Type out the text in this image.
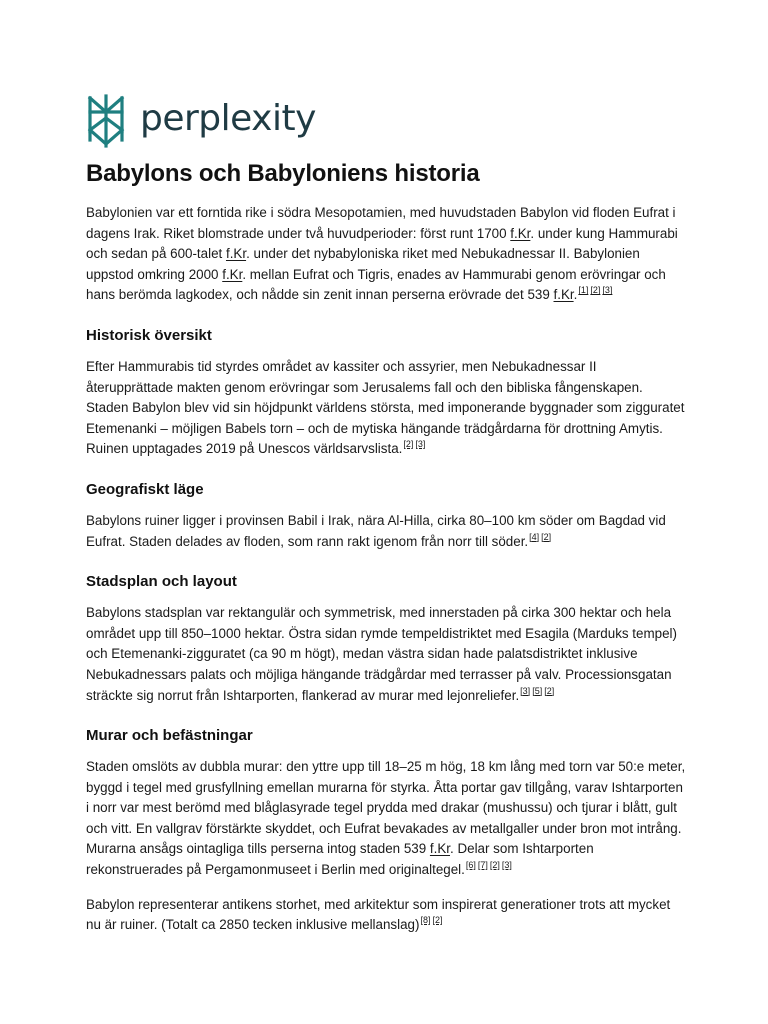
perplexity
Babylons och Babyloniens historia

Babylonien var ett forntida rike i södra Mesopotamien, med huvudstaden Babylon vid floden Eufrat i dagens Irak. Riket blomstrade under två huvudperioder: först runt 1700 f.Kr. under kung Hammurabi och sedan på 600-talet f.Kr. under det nybabyloniska riket med Nebukadnessar II. Babylonien uppstod omkring 2000 f.Kr. mellan Eufrat och Tigris, enades av Hammurabi genom erövringar och hans berömda lagkodex, och nådde sin zenit innan perserna erövrade det 539 f.Kr.[1] [2] [3]

Historisk översikt

Efter Hammurabis tid styrdes området av kassiter och assyrier, men Nebukadnessar II återupprättade makten genom erövringar som Jerusalems fall och den bibliska fångenskapen. Staden Babylon blev vid sin höjdpunkt världens största, med imponerande byggnader som zigguratet Etemenanki – möjligen Babels torn – och de mytiska hängande trädgårdarna för drottning Amytis. Ruinen upptagades 2019 på Unescos världsarvslista.[2] [3]

Geografiskt läge

Babylons ruiner ligger i provinsen Babil i Irak, nära Al-Hilla, cirka 80–100 km söder om Bagdad vid Eufrat. Staden delades av floden, som rann rakt igenom från norr till söder.[4] [2]

Stadsplan och layout

Babylons stadsplan var rektangulär och symmetrisk, med innerstaden på cirka 300 hektar och hela området upp till 850–1000 hektar. Östra sidan rymde tempeldistriktet med Esagila (Marduks tempel) och Etemenanki-zigguratet (ca 90 m högt), medan västra sidan hade palatsdistriktet inklusive Nebukadnessars palats och möjliga hängande trädgårdar med terrasser på valv. Processionsgatan sträckte sig norrut från Ishtarporten, flankerad av murar med lejonreliefer.[3] [5] [2]

Murar och befästningar

Staden omslöts av dubbla murar: den yttre upp till 18–25 m hög, 18 km lång med torn var 50:e meter, byggd i tegel med grusfyllning emellan murarna för styrka. Åtta portar gav tillgång, varav Ishtarporten i norr var mest berömd med blåglasyrade tegel prydda med drakar (mushussu) och tjurar i blått, gult och vitt. En vallgrav förstärkte skyddet, och Eufrat bevakades av metallgaller under bron mot intrång. Murarna ansågs ointagliga tills perserna intog staden 539 f.Kr. Delar som Ishtarporten rekonstruerades på Pergamonmuseet i Berlin med originaltegel.[6] [7] [2] [3]

Babylon representerar antikens storhet, med arkitektur som inspirerat generationer trots att mycket nu är ruiner. (Totalt ca 2850 tecken inklusive mellanslag)[8] [2]
